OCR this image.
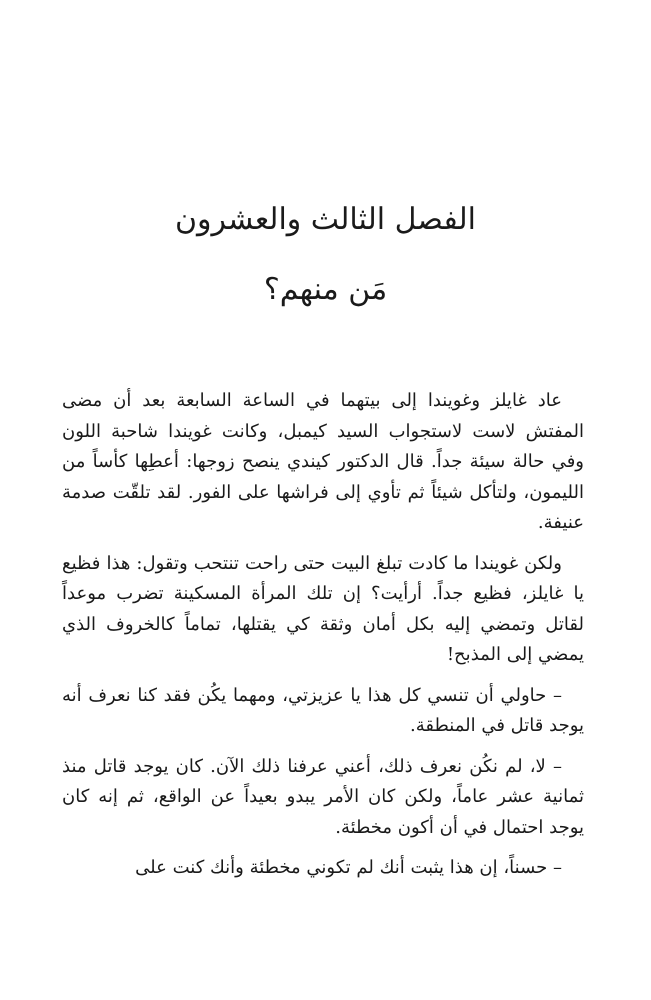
الفصل الثالث والعشرون
مَن منهم؟

عاد غايلز وغويندا إلى بيتهما في الساعة السابعة بعد أن مضى المفتش لاست لاستجواب السيد كيمبل، وكانت غويندا شاحبة اللون وفي حالة سيئة جداً. قال الدكتور كيندي ينصح زوجها: أعطِها كأساً من الليمون، ولتأكل شيئاً ثم تأوي إلى فراشها على الفور. لقد تلقّت صدمة عنيفة.

ولكن غويندا ما كادت تبلغ البيت حتى راحت تنتحب وتقول: هذا فظيع يا غايلز، فظيع جداً. أرأيت؟ إن تلك المرأة المسكينة تضرب موعداً لقاتل وتمضي إليه بكل أمان وثقة كي يقتلها، تماماً كالخروف الذي يمضي إلى المذبح!

– حاولي أن تنسي كل هذا يا عزيزتي، ومهما يكُن فقد كنا نعرف أنه يوجد قاتل في المنطقة.

– لا، لم نكُن نعرف ذلك، أعني عرفنا ذلك الآن. كان يوجد قاتل منذ ثمانية عشر عاماً، ولكن كان الأمر يبدو بعيداً عن الواقع، ثم إنه كان يوجد احتمال في أن أكون مخطئة.

– حسناً، إن هذا يثبت أنك لم تكوني مخطئة وأنك كنت على
